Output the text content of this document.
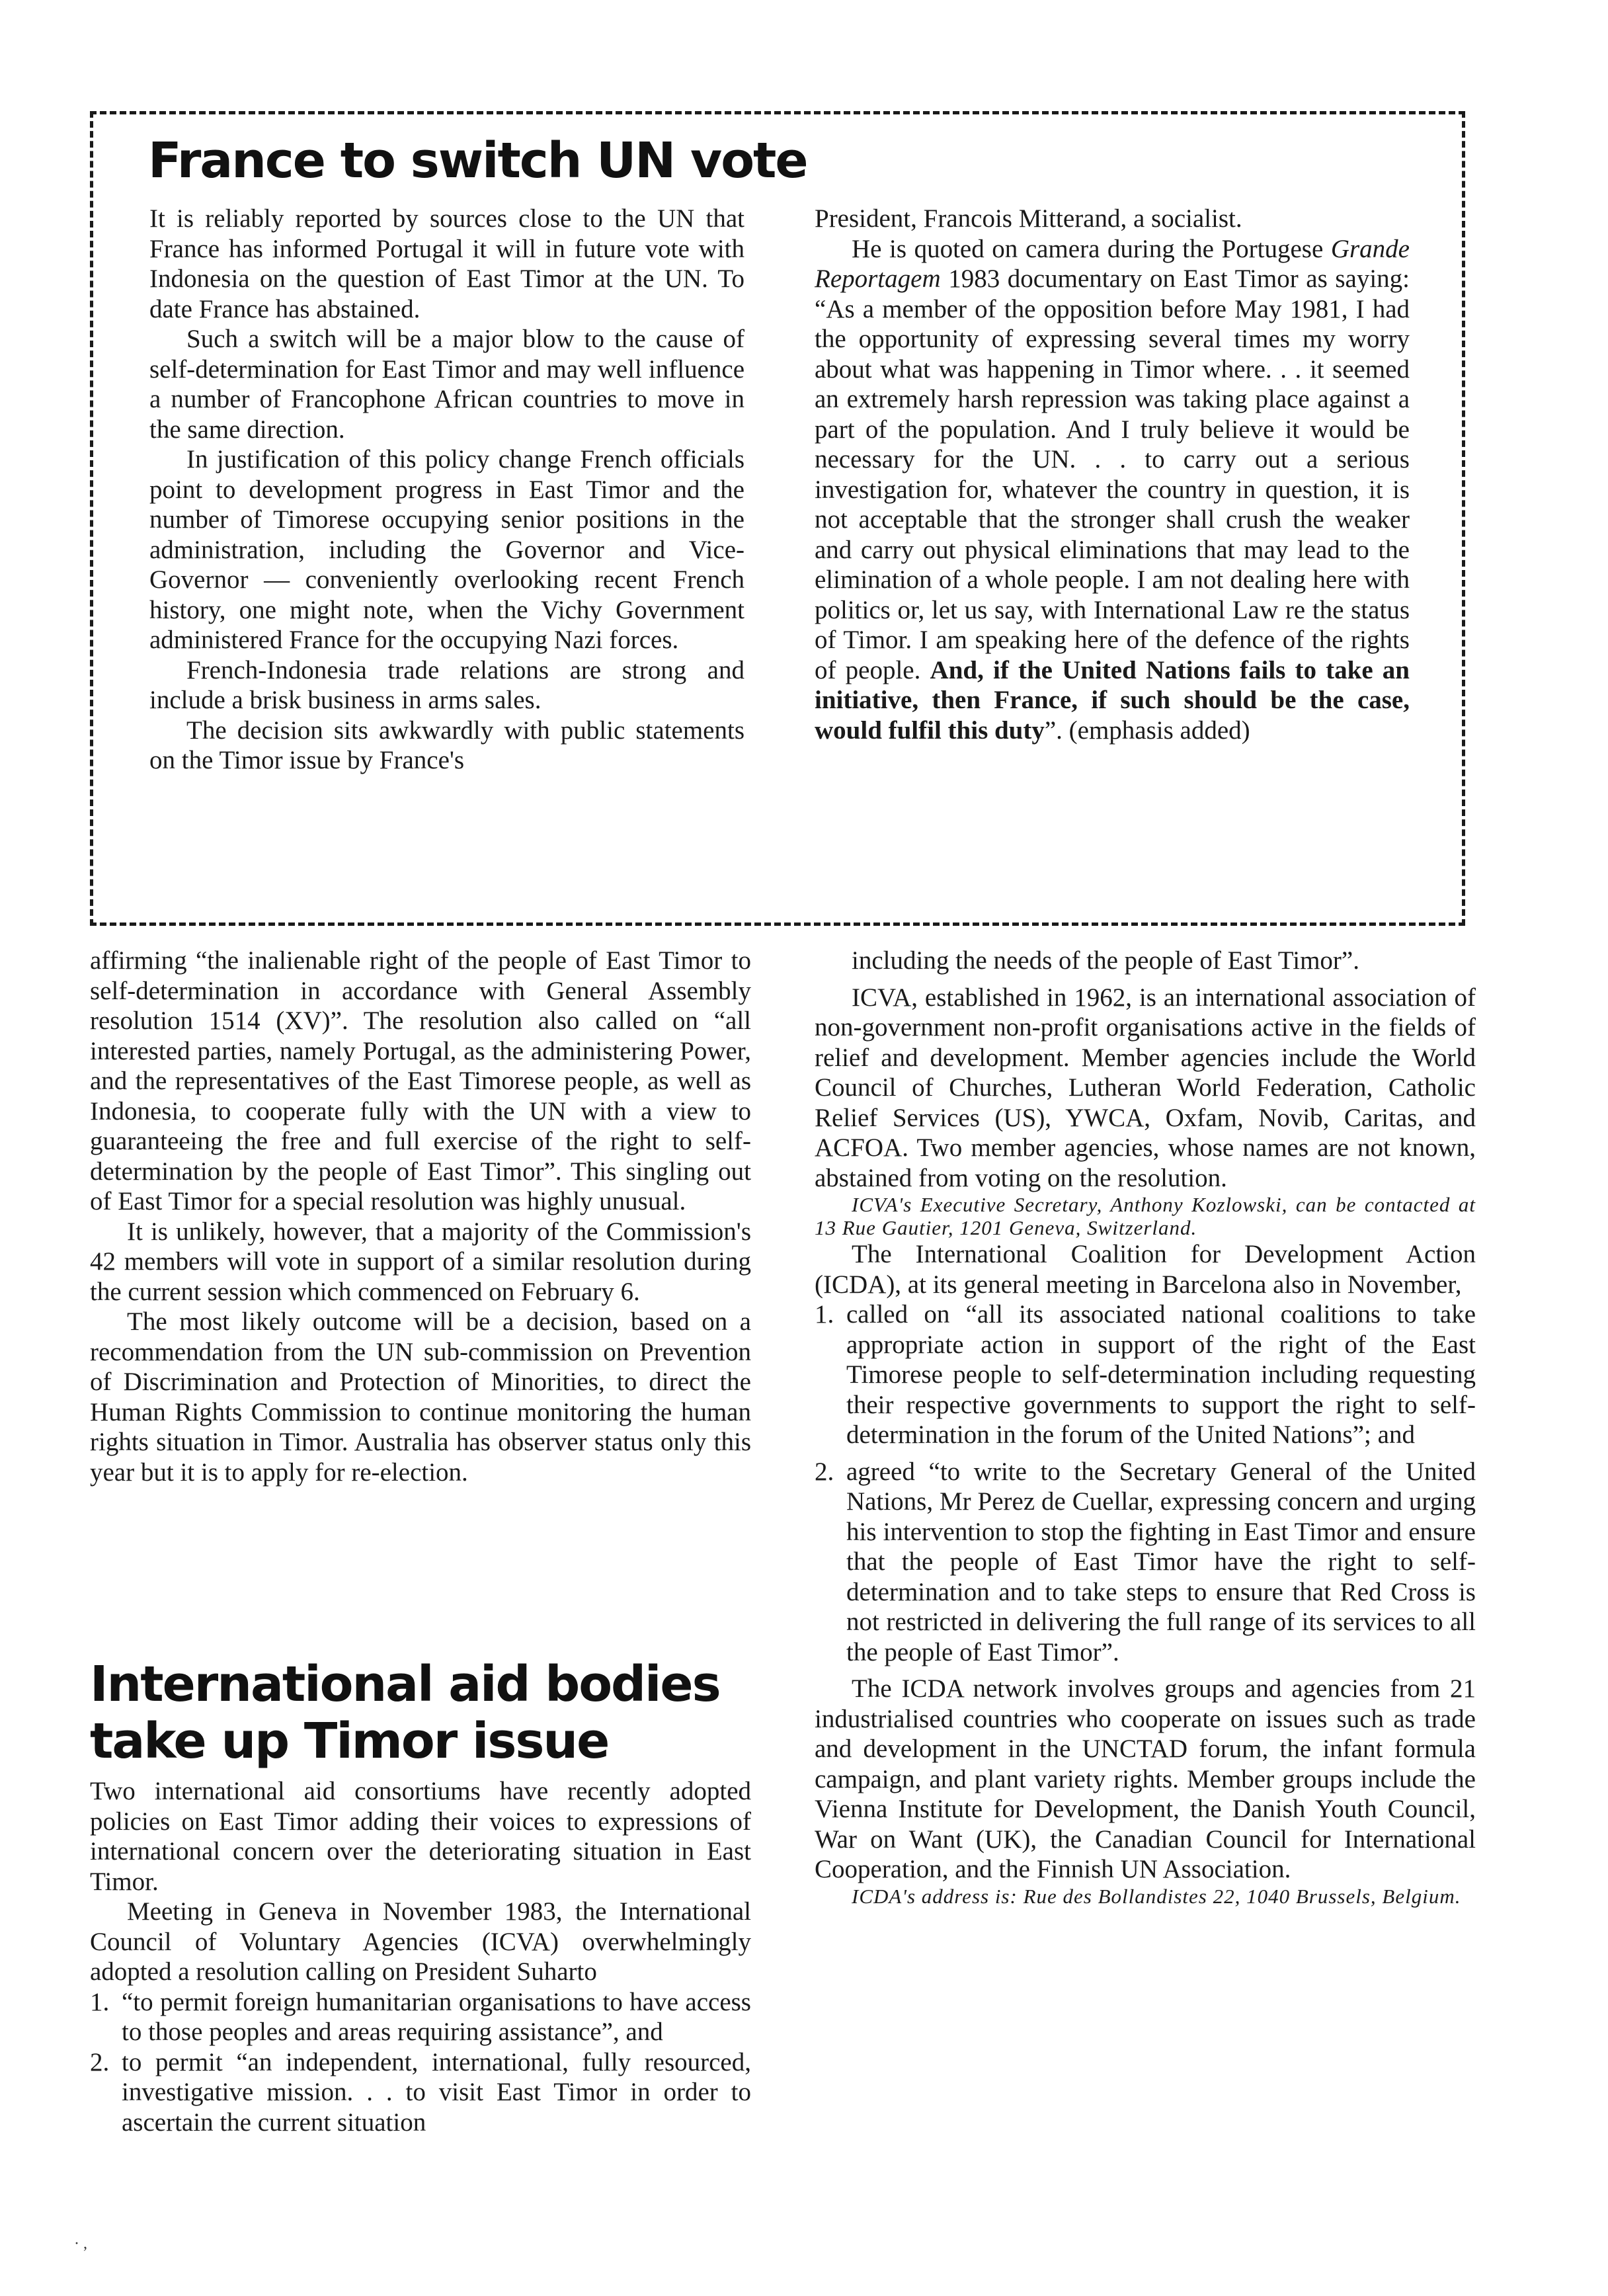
France to switch UN vote

It is reliably reported by sources close to the UN that France has informed Portugal it will in future vote with Indonesia on the question of East Timor at the UN. To date France has abstained.

Such a switch will be a major blow to the cause of self-determination for East Timor and may well influence a number of Francophone African countries to move in the same direction.

In justification of this policy change French officials point to development progress in East Timor and the number of Timorese occupying senior positions in the administration, including the Governor and Vice-Governor — conveniently overlooking recent French history, one might note, when the Vichy Government administered France for the occupying Nazi forces.

French-Indonesia trade relations are strong and include a brisk business in arms sales.

The decision sits awkwardly with public statements on the Timor issue by France's

President, Francois Mitterand, a socialist.

He is quoted on camera during the Portugese Grande Reportagem 1983 documentary on East Timor as saying: “As a member of the opposition before May 1981, I had the opportunity of expressing several times my worry about what was happening in Timor where. . . it seemed an extremely harsh repression was taking place against a part of the population. And I truly believe it would be necessary for the UN. . . to carry out a serious investigation for, whatever the country in question, it is not acceptable that the stronger shall crush the weaker and carry out physical eliminations that may lead to the elimination of a whole people. I am not dealing here with politics or, let us say, with International Law re the status of Timor. I am speaking here of the defence of the rights of people. And, if the United Nations fails to take an initiative, then France, if such should be the case, would fulfil this duty”. (emphasis added)

affirming “the inalienable right of the people of East Timor to self-determination in accordance with General Assembly resolution 1514 (XV)”. The resolution also called on “all interested parties, namely Portugal, as the administering Power, and the representatives of the East Timorese people, as well as Indonesia, to cooperate fully with the UN with a view to guaranteeing the free and full exercise of the right to self-determination by the people of East Timor”. This singling out of East Timor for a special resolution was highly unusual.

It is unlikely, however, that a majority of the Commission's 42 members will vote in support of a similar resolution during the current session which commenced on February 6.

The most likely outcome will be a decision, based on a recommendation from the UN sub-commission on Prevention of Discrimination and Protection of Minorities, to direct the Human Rights Commission to continue monitoring the human rights situation in Timor. Australia has observer status only this year but it is to apply for re-election.

International aid bodies
take up Timor issue

Two international aid consortiums have recently adopted policies on East Timor adding their voices to expressions of international concern over the deteriorating situation in East Timor.

Meeting in Geneva in November 1983, the International Council of Voluntary Agencies (ICVA) overwhelmingly adopted a resolution calling on President Suharto

1. “to permit foreign humanitarian organisations to have access to those peoples and areas requiring assistance”, and
2. to permit “an independent, international, fully resourced, investigative mission. . . to visit East Timor in order to ascertain the current situation

including the needs of the people of East Timor”.

ICVA, established in 1962, is an international association of non-government non-profit organisations active in the fields of relief and development. Member agencies include the World Council of Churches, Lutheran World Federation, Catholic Relief Services (US), YWCA, Oxfam, Novib, Caritas, and ACFOA. Two member agencies, whose names are not known, abstained from voting on the resolution.

ICVA's Executive Secretary, Anthony Kozlowski, can be contacted at 13 Rue Gautier, 1201 Geneva, Switzerland.

The International Coalition for Development Action (ICDA), at its general meeting in Barcelona also in November,

1. called on “all its associated national coalitions to take appropriate action in support of the right of the East Timorese people to self-determination including requesting their respective governments to support the right to self-determination in the forum of the United Nations”; and
2. agreed “to write to the Secretary General of the United Nations, Mr Perez de Cuellar, expressing concern and urging his intervention to stop the fighting in East Timor and ensure that the people of East Timor have the right to self-determination and to take steps to ensure that Red Cross is not restricted in delivering the full range of its services to all the people of East Timor”.

The ICDA network involves groups and agencies from 21 industrialised countries who cooperate on issues such as trade and development in the UNCTAD forum, the infant formula campaign, and plant variety rights. Member groups include the Vienna Institute for Development, the Danish Youth Council, War on Want (UK), the Canadian Council for International Cooperation, and the Finnish UN Association.

ICDA's address is: Rue des Bollandistes 22, 1040 Brussels, Belgium.

· ,
